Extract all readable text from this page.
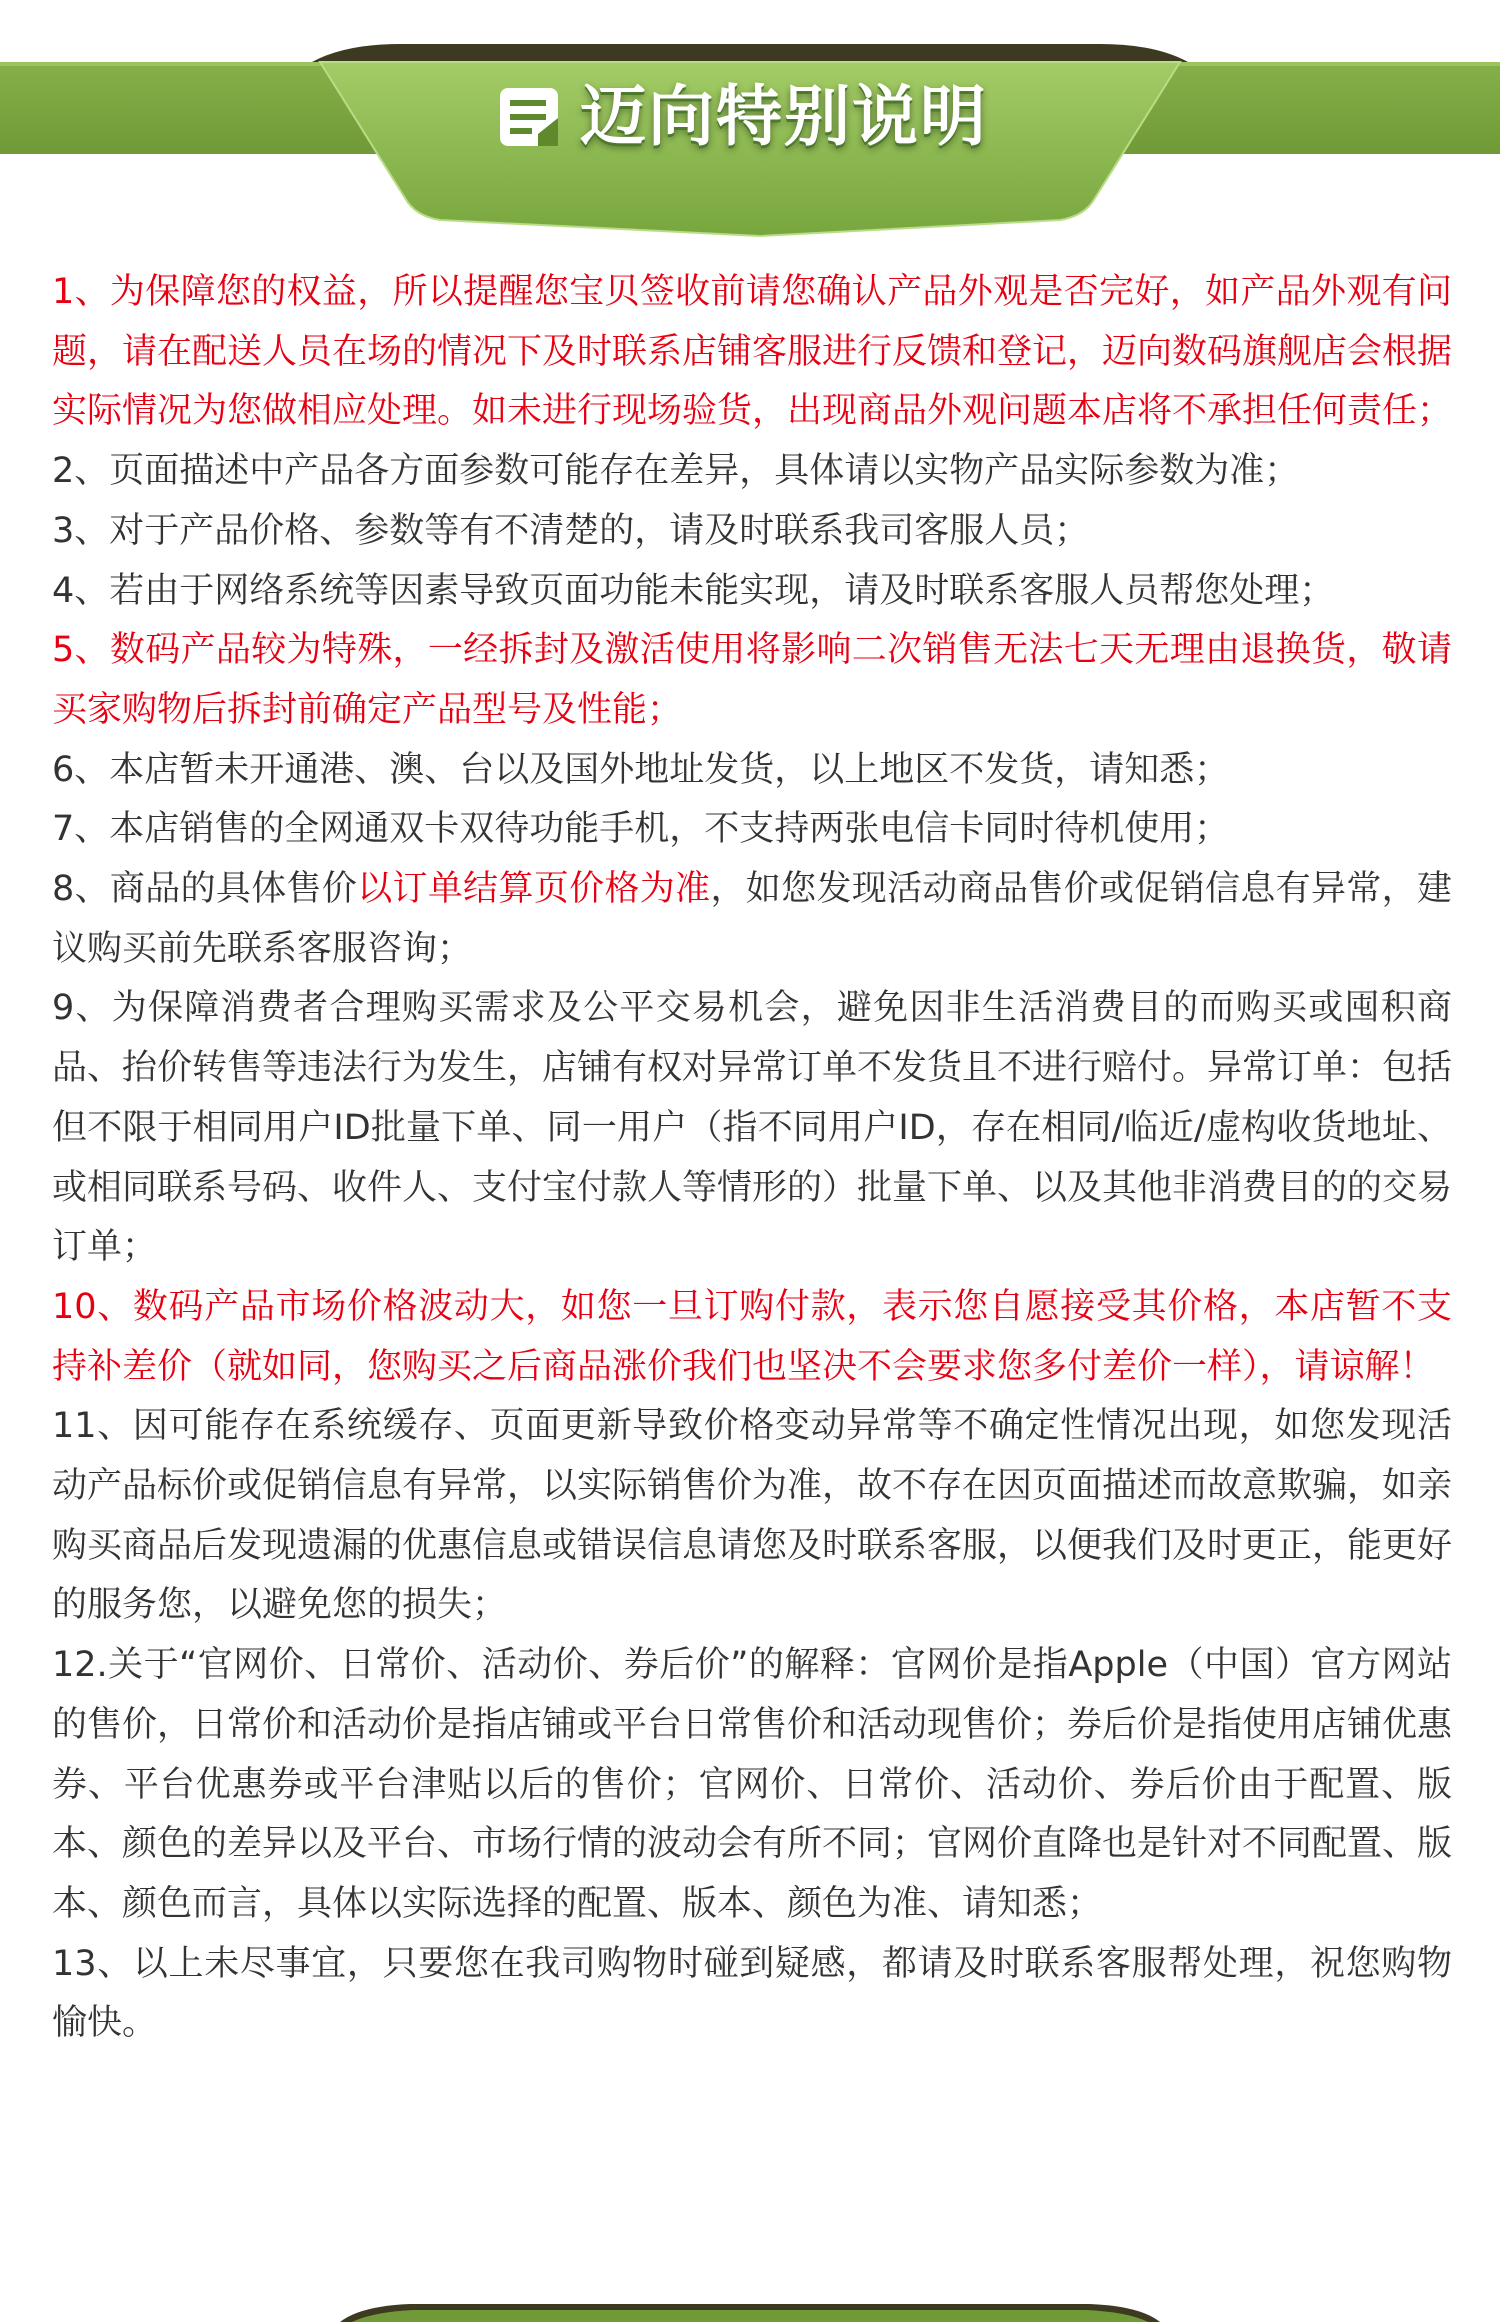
迈向特别说明

1、为保障您的权益，所以提醒您宝贝签收前请您确认产品外观是否完好，如产品外观有问题，请在配送人员在场的情况下及时联系店铺客服进行反馈和登记，迈向数码旗舰店会根据实际情况为您做相应处理。如未进行现场验货，出现商品外观问题本店将不承担任何责任；

2、页面描述中产品各方面参数可能存在差异，具体请以实物产品实际参数为准；

3、对于产品价格、参数等有不清楚的，请及时联系我司客服人员；

4、若由于网络系统等因素导致页面功能未能实现，请及时联系客服人员帮您处理；

5、数码产品较为特殊，一经拆封及激活使用将影响二次销售无法七天无理由退换货，敬请买家购物后拆封前确定产品型号及性能；

6、本店暂未开通港、澳、台以及国外地址发货，以上地区不发货，请知悉；

7、本店销售的全网通双卡双待功能手机，不支持两张电信卡同时待机使用；

8、商品的具体售价以订单结算页价格为准，如您发现活动商品售价或促销信息有异常，建议购买前先联系客服咨询；

9、为保障消费者合理购买需求及公平交易机会，避免因非生活消费目的而购买或囤积商品、抬价转售等违法行为发生，店铺有权对异常订单不发货且不进行赔付。异常订单：包括但不限于相同用户ID批量下单、同一用户（指不同用户ID，存在相同/临近/虚构收货地址、或相同联系号码、收件人、支付宝付款人等情形的）批量下单、以及其他非消费目的的交易订单；

10、数码产品市场价格波动大，如您一旦订购付款，表示您自愿接受其价格，本店暂不支持补差价（就如同，您购买之后商品涨价我们也坚决不会要求您多付差价一样），请谅解！

11、因可能存在系统缓存、页面更新导致价格变动异常等不确定性情况出现，如您发现活动产品标价或促销信息有异常，以实际销售价为准，故不存在因页面描述而故意欺骗，如亲购买商品后发现遗漏的优惠信息或错误信息请您及时联系客服，以便我们及时更正，能更好的服务您，以避免您的损失；

12.关于“官网价、日常价、活动价、券后价”的解释：官网价是指Apple（中国）官方网站的售价，日常价和活动价是指店铺或平台日常售价和活动现售价；券后价是指使用店铺优惠券、平台优惠券或平台津贴以后的售价；官网价、日常价、活动价、券后价由于配置、版本、颜色的差异以及平台、市场行情的波动会有所不同；官网价直降也是针对不同配置、版本、颜色而言，具体以实际选择的配置、版本、颜色为准、请知悉；

13、以上未尽事宜，只要您在我司购物时碰到疑感，都请及时联系客服帮处理，祝您购物愉快。
